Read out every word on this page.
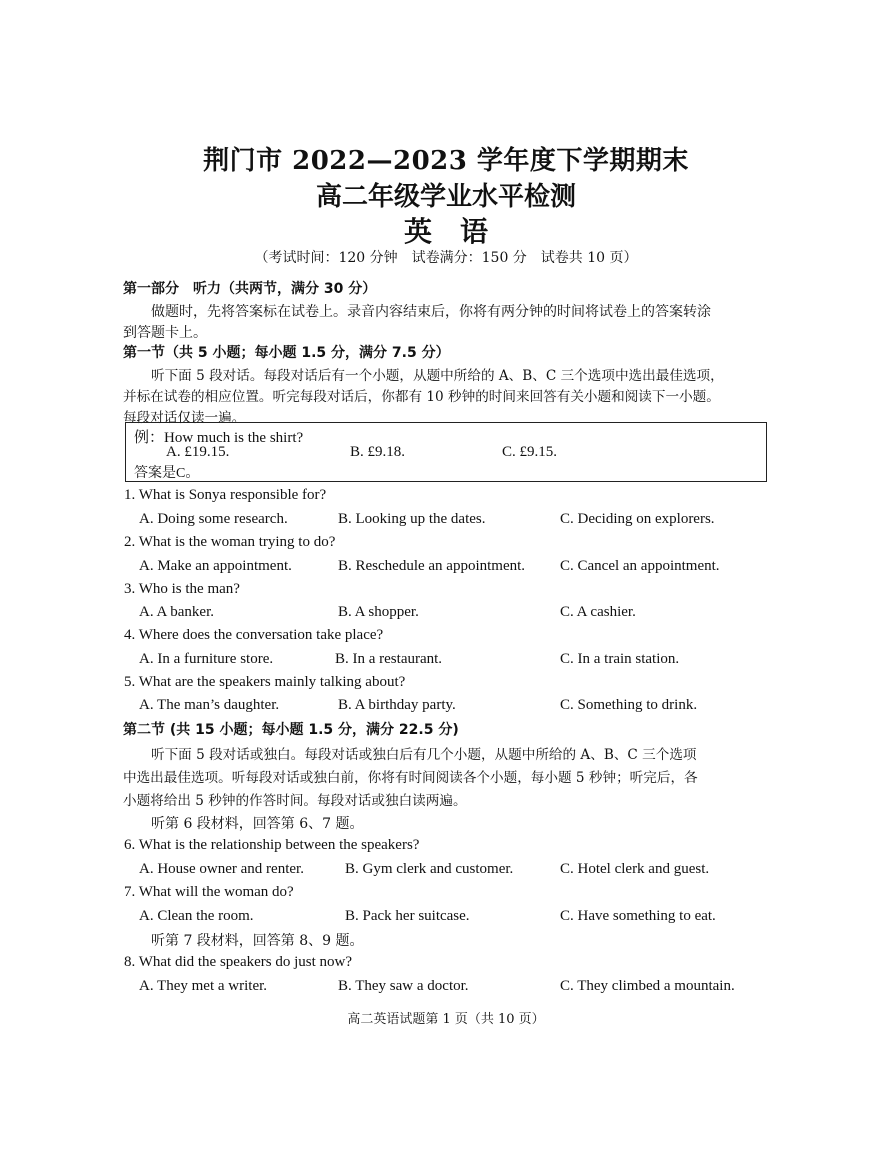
荆门市 2022—2023 学年度下学期期末
高二年级学业水平检测
英语
（考试时间：120 分钟　试卷满分：150 分　试卷共 10 页）
第一部分　听力（共两节，满分 30 分）
做题时，先将答案标在试卷上。录音内容结束后，你将有两分钟的时间将试卷上的答案转涂
到答题卡上。
第一节（共 5 小题；每小题 1.5 分，满分 7.5 分）
听下面 5 段对话。每段对话后有一个小题，从题中所给的 A、B、C 三个选项中选出最佳选项，
并标在试卷的相应位置。听完每段对话后，你都有 10 秒钟的时间来回答有关小题和阅读下一小题。
每段对话仅读一遍。
例：How much is the shirt?
A. £19.15.	B. £9.18.	C. £9.15.
答案是C。
1. What is Sonya responsible for?
A. Doing some research.	B. Looking up the dates.	C. Deciding on explorers.
2. What is the woman trying to do?
A. Make an appointment.	B. Reschedule an appointment. C. Cancel an appointment.
3. Who is the man?
A. A banker.	B. A shopper.	C. A cashier.
4. Where does the conversation take place?
A. In a furniture store.	B. In a restaurant.	C. In a train station.
5. What are the speakers mainly talking about?
A. The man’s daughter.	B. A birthday party.	C. Something to drink.
第二节 (共 15 小题；每小题 1.5 分，满分 22.5 分)
听下面 5 段对话或独白。每段对话或独白后有几个小题，从题中所给的 A、B、C 三个选项
中选出最佳选项。听每段对话或独白前，你将有时间阅读各个小题，每小题 5 秒钟；听完后，各
小题将给出 5 秒钟的作答时间。每段对话或独白读两遍。
听第 6 段材料，回答第 6、7 题。
6. What is the relationship between the speakers?
A. House owner and renter.	B. Gym clerk and customer.	C. Hotel clerk and guest.
7. What will the woman do?
A. Clean the room.	B. Pack her suitcase.	C. Have something to eat.
听第 7 段材料，回答第 8、9 题。
8. What did the speakers do just now?
A. They met a writer.	B. They saw a doctor.	C. They climbed a mountain.
高二英语试题第 1 页（共 10 页）
